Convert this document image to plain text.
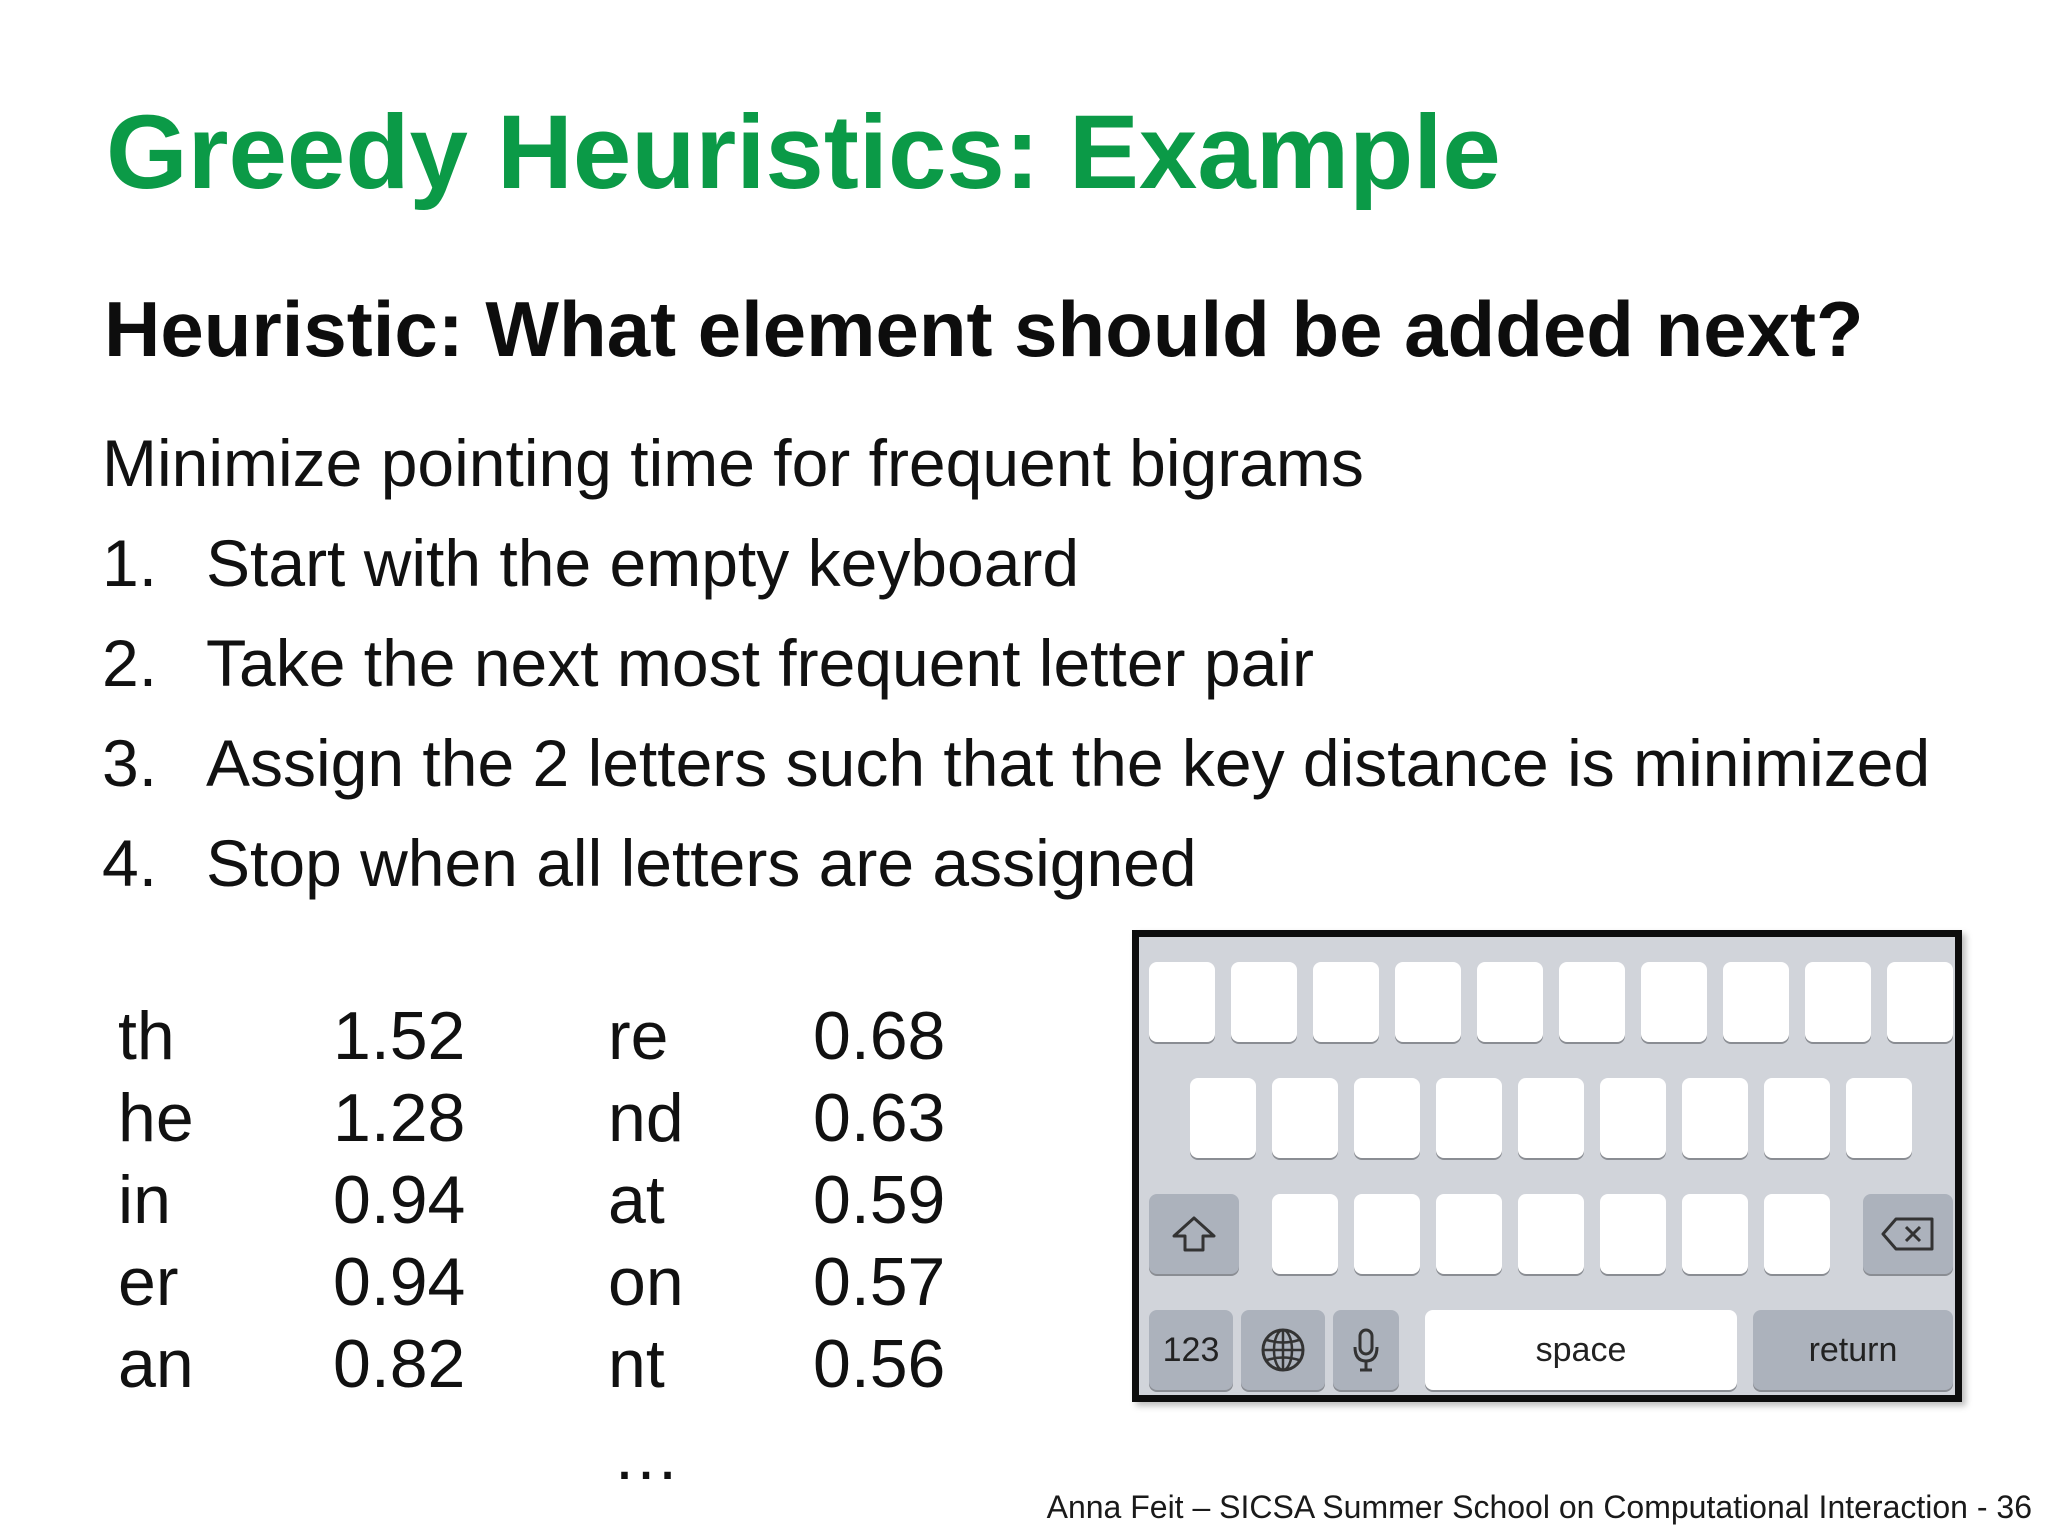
Greedy Heuristics: Example
Heuristic: What element should be added next?
Minimize pointing time for frequent bigrams
1. Start with the empty keyboard
2. Take the next most frequent letter pair
3. Assign the 2 letters such that the key distance is minimized
4. Stop when all letters are assigned
th	1.52	re	0.68
he	1.28	nd	0.63
in	0.94	at	0.59
er	0.94	on	0.57
an	0.82	nt	0.56
…
123	space	return
Anna Feit – SICSA Summer School on Computational Interaction - 36
